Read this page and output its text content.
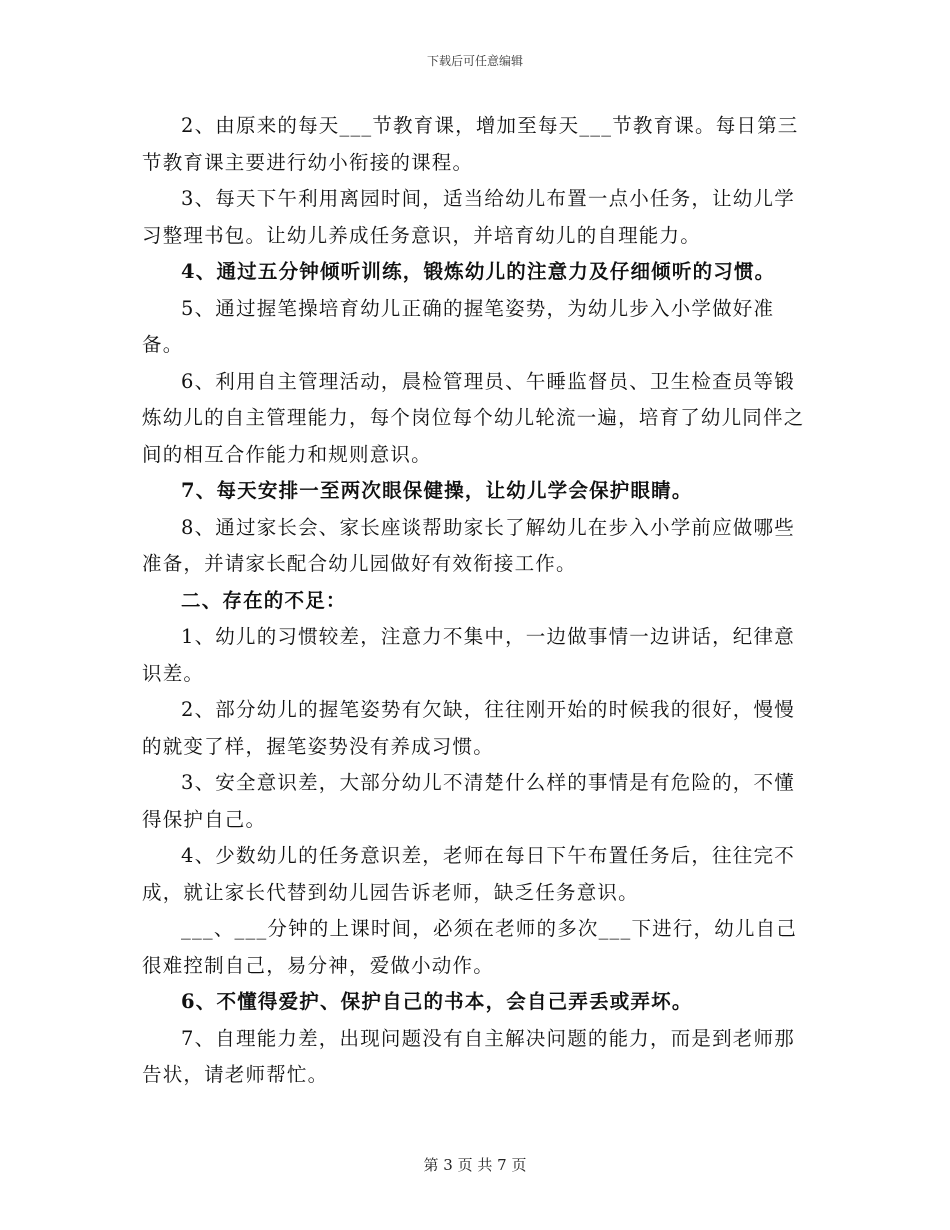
下载后可任意编辑

2、由原来的每天___节教育课，增加至每天___节教育课。每日第三节教育课主要进行幼小衔接的课程。

3、每天下午利用离园时间，适当给幼儿布置一点小任务，让幼儿学习整理书包。让幼儿养成任务意识，并培育幼儿的自理能力。

4、通过五分钟倾听训练，锻炼幼儿的注意力及仔细倾听的习惯。

5、通过握笔操培育幼儿正确的握笔姿势，为幼儿步入小学做好准备。

6、利用自主管理活动，晨检管理员、午睡监督员、卫生检查员等锻炼幼儿的自主管理能力，每个岗位每个幼儿轮流一遍，培育了幼儿同伴之间的相互合作能力和规则意识。

7、每天安排一至两次眼保健操，让幼儿学会保护眼睛。

8、通过家长会、家长座谈帮助家长了解幼儿在步入小学前应做哪些准备，并请家长配合幼儿园做好有效衔接工作。

二、存在的不足：

1、幼儿的习惯较差，注意力不集中，一边做事情一边讲话，纪律意识差。

2、部分幼儿的握笔姿势有欠缺，往往刚开始的时候我的很好，慢慢的就变了样，握笔姿势没有养成习惯。

3、安全意识差，大部分幼儿不清楚什么样的事情是有危险的，不懂得保护自己。

4、少数幼儿的任务意识差，老师在每日下午布置任务后，往往完不成，就让家长代替到幼儿园告诉老师，缺乏任务意识。

___、___分钟的上课时间，必须在老师的多次___下进行，幼儿自己很难控制自己，易分神，爱做小动作。

6、不懂得爱护、保护自己的书本，会自己弄丢或弄坏。

7、自理能力差，出现问题没有自主解决问题的能力，而是到老师那告状，请老师帮忙。

第 3 页 共 7 页
